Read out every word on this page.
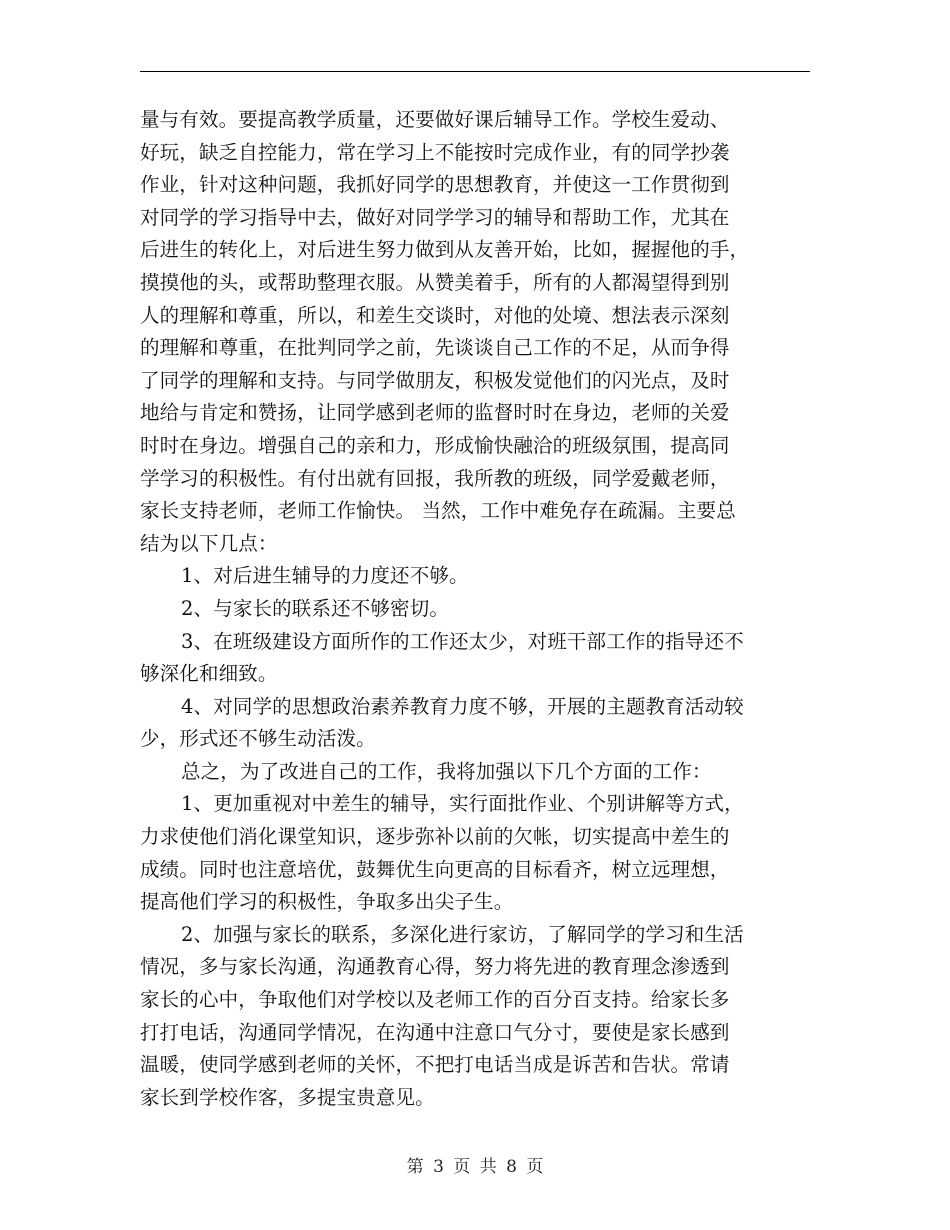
量与有效。要提高教学质量，还要做好课后辅导工作。学校生爱动、
好玩，缺乏自控能力，常在学习上不能按时完成作业，有的同学抄袭
作业，针对这种问题，我抓好同学的思想教育，并使这一工作贯彻到
对同学的学习指导中去，做好对同学学习的辅导和帮助工作，尤其在
后进生的转化上，对后进生努力做到从友善开始，比如，握握他的手，
摸摸他的头，或帮助整理衣服。从赞美着手，所有的人都渴望得到别
人的理解和尊重，所以，和差生交谈时，对他的处境、想法表示深刻
的理解和尊重，在批判同学之前，先谈谈自己工作的不足，从而争得
了同学的理解和支持。与同学做朋友，积极发觉他们的闪光点，及时
地给与肯定和赞扬，让同学感到老师的监督时时在身边，老师的关爱
时时在身边。增强自己的亲和力，形成愉快融洽的班级氛围，提高同
学学习的积极性。有付出就有回报，我所教的班级，同学爱戴老师，
家长支持老师，老师工作愉快。 当然，工作中难免存在疏漏。主要总
结为以下几点：
1、对后进生辅导的力度还不够。
2、与家长的联系还不够密切。
3、在班级建设方面所作的工作还太少，对班干部工作的指导还不
够深化和细致。
4、对同学的思想政治素养教育力度不够，开展的主题教育活动较
少，形式还不够生动活泼。
总之，为了改进自己的工作，我将加强以下几个方面的工作：
1、更加重视对中差生的辅导，实行面批作业、个别讲解等方式，
力求使他们消化课堂知识，逐步弥补以前的欠帐，切实提高中差生的
成绩。同时也注意培优，鼓舞优生向更高的目标看齐，树立远理想，
提高他们学习的积极性，争取多出尖子生。
2、加强与家长的联系，多深化进行家访，了解同学的学习和生活
情况，多与家长沟通，沟通教育心得，努力将先进的教育理念渗透到
家长的心中，争取他们对学校以及老师工作的百分百支持。给家长多
打打电话，沟通同学情况，在沟通中注意口气分寸，要使是家长感到
温暖，使同学感到老师的关怀，不把打电话当成是诉苦和告状。常请
家长到学校作客，多提宝贵意见。
第 3 页 共 8 页
